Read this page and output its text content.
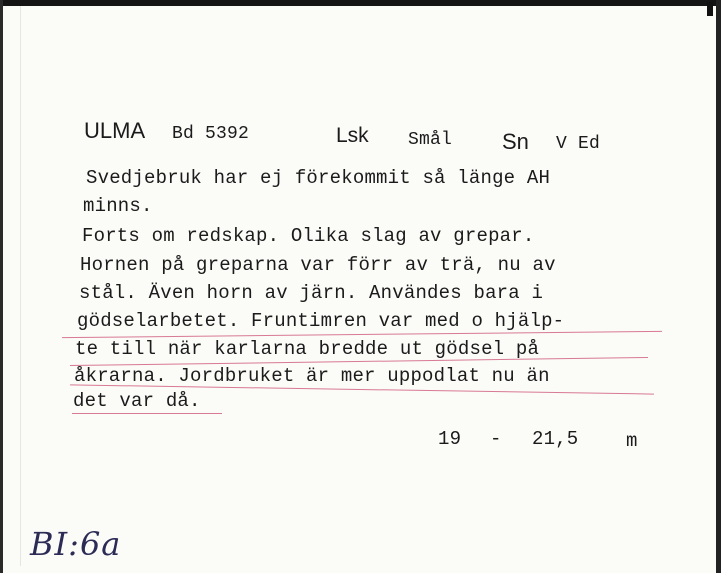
ULMA Bd 5392	Lsk Smål Sn V Ed
Svedjebruk har ej förekommit så länge AH
minns.
Forts om redskap. Olika slag av grepar.
Hornen på greparna var förr av trä, nu av
stål. Även horn av järn. Användes bara i
gödselarbetet. Fruntimren var med o hjälp-
te till när karlarna bredde ut gödsel på
åkrarna. Jordbruket är mer uppodlat nu än
det var då.
19 - 21,5	m
BI:6a
